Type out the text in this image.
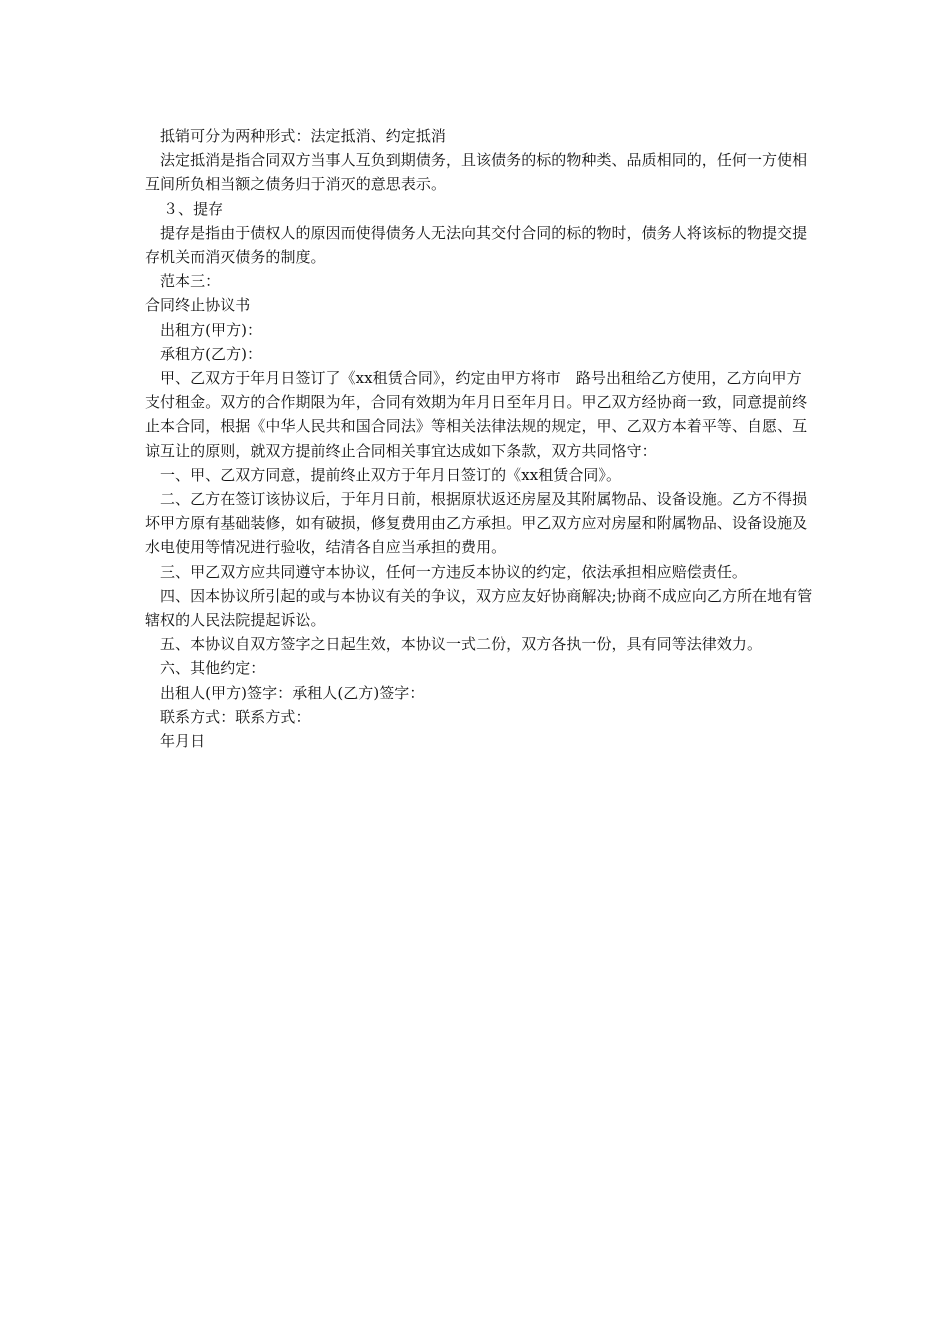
抵销可分为两种形式：法定抵消、约定抵消

法定抵消是指合同双方当事人互负到期债务，且该债务的标的物种类、品质相同的，任何一方使相互间所负相当额之债务归于消灭的意思表示。

３、提存

提存是指由于债权人的原因而使得债务人无法向其交付合同的标的物时，债务人将该标的物提交提存机关而消灭债务的制度。

范本三：

合同终止协议书

出租方(甲方)：

承租方(乙方)：

甲、乙双方于年月日签订了《xx租赁合同》，约定由甲方将市　路号出租给乙方使用，乙方向甲方支付租金。双方的合作期限为年，合同有效期为年月日至年月日。甲乙双方经协商一致，同意提前终止本合同，根据《中华人民共和国合同法》等相关法律法规的规定，甲、乙双方本着平等、自愿、互谅互让的原则，就双方提前终止合同相关事宜达成如下条款，双方共同恪守：

一、甲、乙双方同意，提前终止双方于年月日签订的《xx租赁合同》。

二、乙方在签订该协议后，于年月日前，根据原状返还房屋及其附属物品、设备设施。乙方不得损坏甲方原有基础装修，如有破损，修复费用由乙方承担。甲乙双方应对房屋和附属物品、设备设施及水电使用等情况进行验收，结清各自应当承担的费用。

三、甲乙双方应共同遵守本协议，任何一方违反本协议的约定，依法承担相应赔偿责任。

四、因本协议所引起的或与本协议有关的争议，双方应友好协商解决;协商不成应向乙方所在地有管辖权的人民法院提起诉讼。

五、本协议自双方签字之日起生效，本协议一式二份，双方各执一份，具有同等法律效力。

六、其他约定：

出租人(甲方)签字：承租人(乙方)签字：

联系方式：联系方式：

年月日
